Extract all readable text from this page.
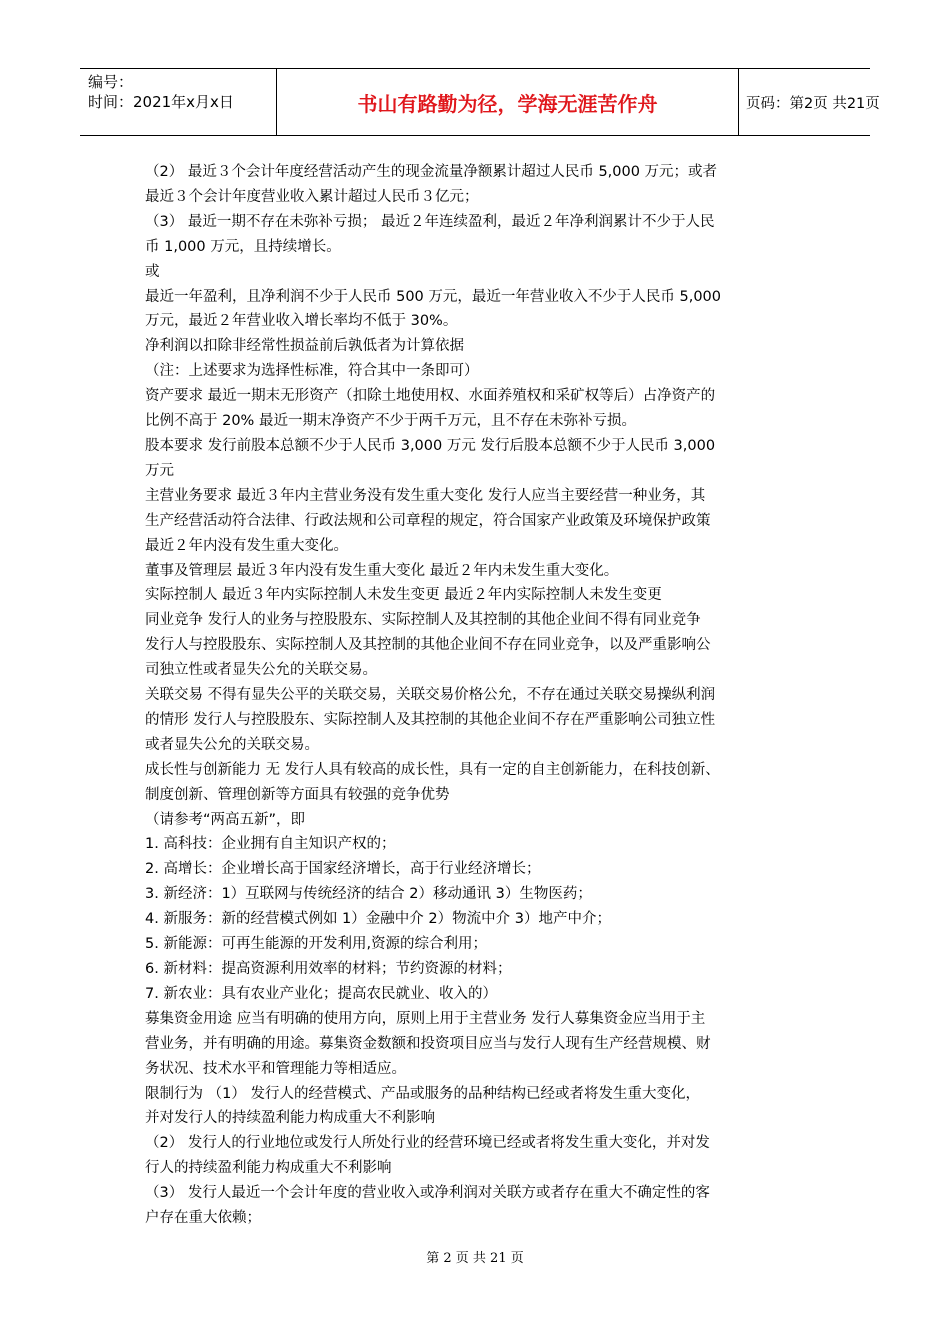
编号：
时间：2021年x月x日	书山有路勤为径，学海无涯苦作舟	页码：第2页 共21页

（2） 最近３个会计年度经营活动产生的现金流量净额累计超过人民币 5,000 万元；或者

最近３个会计年度营业收入累计超过人民币３亿元；

（3） 最近一期不存在未弥补亏损； 最近２年连续盈利，最近２年净利润累计不少于人民

币 1,000 万元，且持续增长。

或

最近一年盈利，且净利润不少于人民币 500 万元，最近一年营业收入不少于人民币 5,000

万元，最近２年营业收入增长率均不低于 30%。

净利润以扣除非经常性损益前后孰低者为计算依据

（注：上述要求为选择性标准，符合其中一条即可）

资产要求 最近一期末无形资产（扣除土地使用权、水面养殖权和采矿权等后）占净资产的

比例不高于 20% 最近一期末净资产不少于两千万元，且不存在未弥补亏损。

股本要求 发行前股本总额不少于人民币 3,000 万元 发行后股本总额不少于人民币 3,000

万元

主营业务要求 最近３年内主营业务没有发生重大变化 发行人应当主要经营一种业务，其

生产经营活动符合法律、行政法规和公司章程的规定，符合国家产业政策及环境保护政策

最近２年内没有发生重大变化。

董事及管理层 最近３年内没有发生重大变化 最近２年内未发生重大变化。

实际控制人 最近３年内实际控制人未发生变更 最近２年内实际控制人未发生变更

同业竞争 发行人的业务与控股股东、实际控制人及其控制的其他企业间不得有同业竞争

发行人与控股股东、实际控制人及其控制的其他企业间不存在同业竞争，以及严重影响公

司独立性或者显失公允的关联交易。

关联交易 不得有显失公平的关联交易，关联交易价格公允，不存在通过关联交易操纵利润

的情形 发行人与控股股东、实际控制人及其控制的其他企业间不存在严重影响公司独立性

或者显失公允的关联交易。

成长性与创新能力 无 发行人具有较高的成长性，具有一定的自主创新能力，在科技创新、

制度创新、管理创新等方面具有较强的竞争优势

（请参考“两高五新”，即

1. 高科技：企业拥有自主知识产权的；

2. 高增长：企业增长高于国家经济增长，高于行业经济增长；

3. 新经济：1）互联网与传统经济的结合 2）移动通讯 3）生物医药；

4. 新服务：新的经营模式例如 1）金融中介 2）物流中介 3）地产中介；

5. 新能源：可再生能源的开发利用,资源的综合利用；

6. 新材料：提高资源利用效率的材料；节约资源的材料；

7. 新农业：具有农业产业化；提高农民就业、收入的）

募集资金用途 应当有明确的使用方向，原则上用于主营业务 发行人募集资金应当用于主

营业务，并有明确的用途。募集资金数额和投资项目应当与发行人现有生产经营规模、财

务状况、技术水平和管理能力等相适应。

限制行为 （1） 发行人的经营模式、产品或服务的品种结构已经或者将发生重大变化，

并对发行人的持续盈利能力构成重大不利影响

（2） 发行人的行业地位或发行人所处行业的经营环境已经或者将发生重大变化，并对发

行人的持续盈利能力构成重大不利影响

（3） 发行人最近一个会计年度的营业收入或净利润对关联方或者存在重大不确定性的客

户存在重大依赖；

第 2 页 共 21 页
